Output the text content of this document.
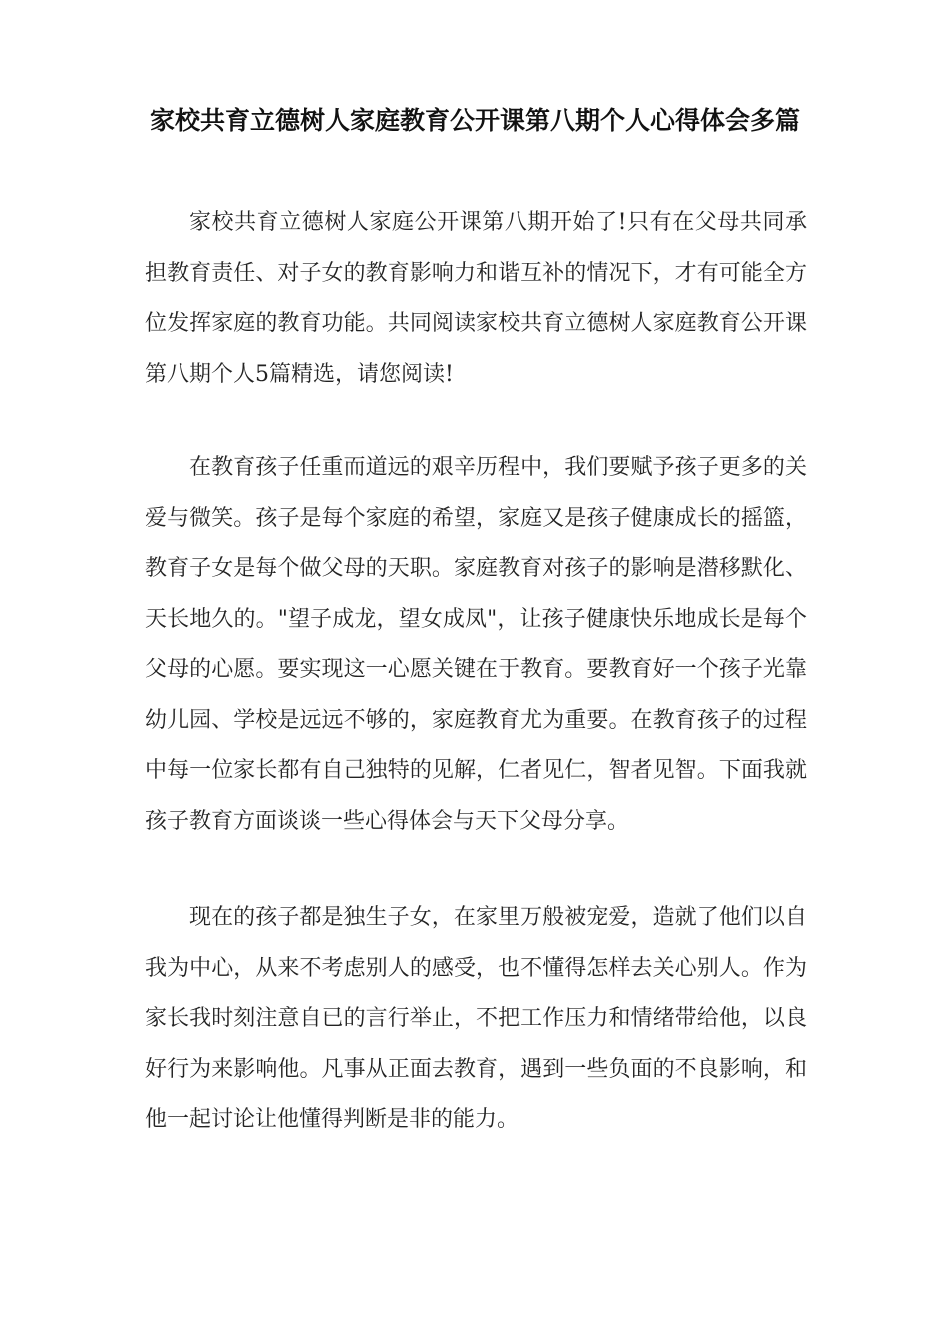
家校共育立德树人家庭教育公开课第八期个人心得体会多篇

家校共育立德树人家庭公开课第八期开始了!只有在父母共同承担教育责任、对子女的教育影响力和谐互补的情况下，才有可能全方位发挥家庭的教育功能。共同阅读家校共育立德树人家庭教育公开课第八期个人5篇精选，请您阅读!

在教育孩子任重而道远的艰辛历程中，我们要赋予孩子更多的关爱与微笑。孩子是每个家庭的希望，家庭又是孩子健康成长的摇篮，教育子女是每个做父母的天职。家庭教育对孩子的影响是潜移默化、天长地久的。"望子成龙，望女成凤"，让孩子健康快乐地成长是每个父母的心愿。要实现这一心愿关键在于教育。要教育好一个孩子光靠幼儿园、学校是远远不够的，家庭教育尤为重要。在教育孩子的过程中每一位家长都有自己独特的见解，仁者见仁，智者见智。下面我就孩子教育方面谈谈一些心得体会与天下父母分享。

现在的孩子都是独生子女，在家里万般被宠爱，造就了他们以自我为中心，从来不考虑别人的感受，也不懂得怎样去关心别人。作为家长我时刻注意自已的言行举止，不把工作压力和情绪带给他，以良好行为来影响他。凡事从正面去教育，遇到一些负面的不良影响，和他一起讨论让他懂得判断是非的能力。
